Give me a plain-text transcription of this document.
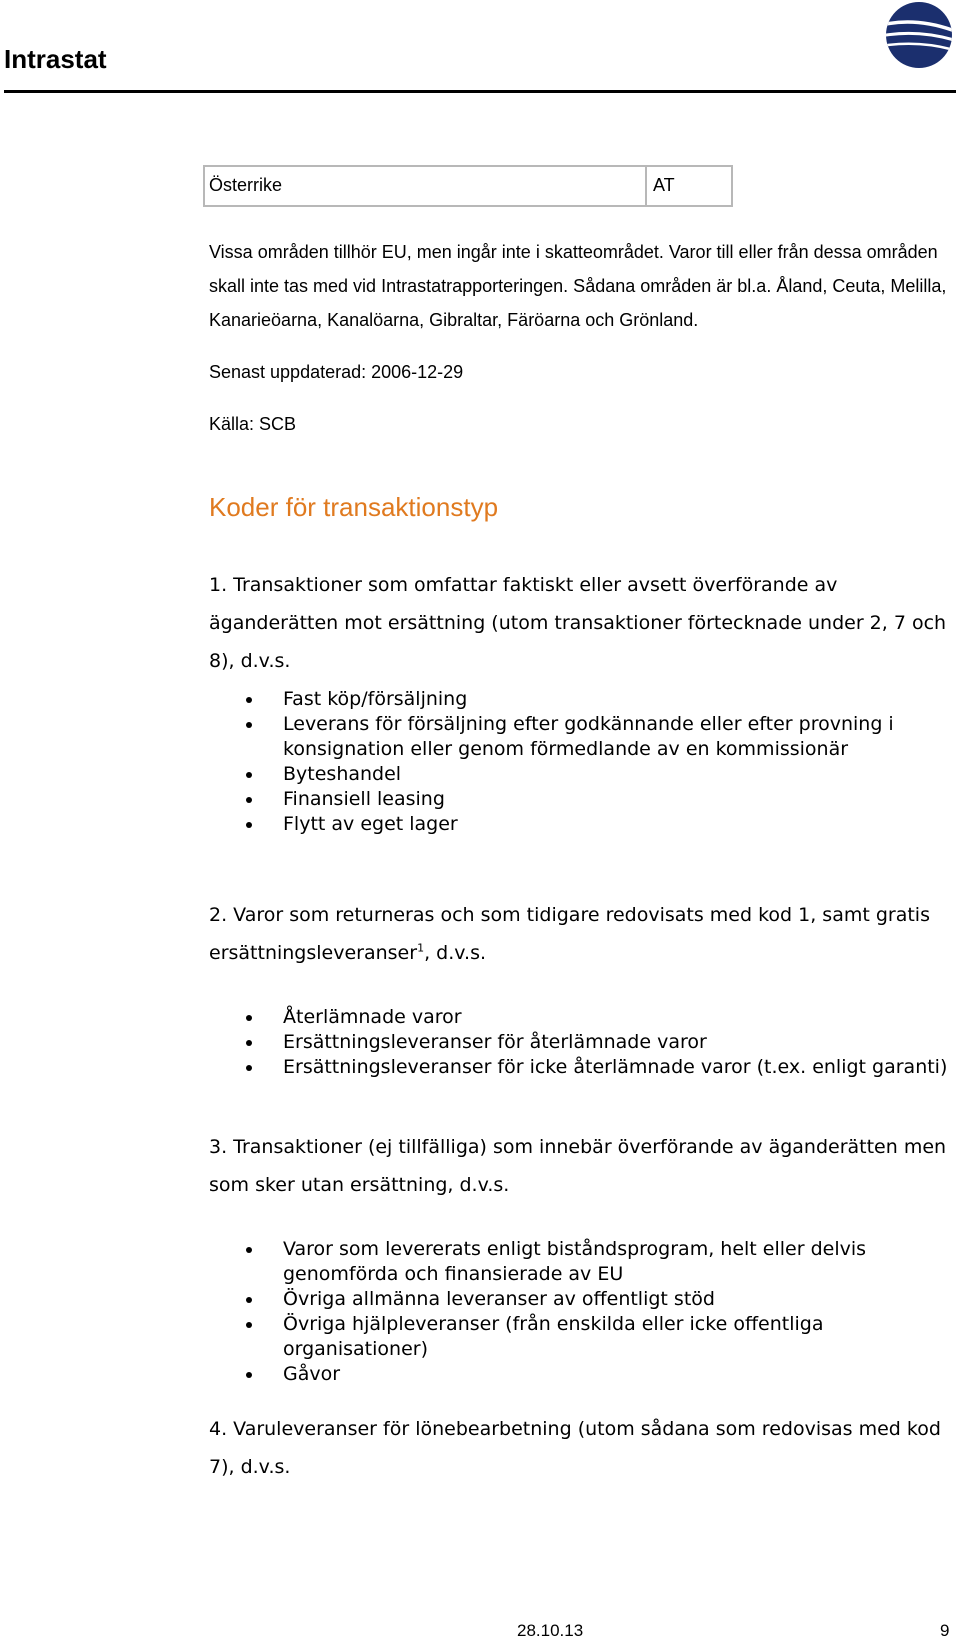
Intrastat
Österrike	AT

Vissa områden tillhör EU, men ingår inte i skatteområdet. Varor till eller från dessa områden skall inte tas med vid Intrastatrapporteringen. Sådana områden är bl.a. Åland, Ceuta, Melilla, Kanarieöarna, Kanalöarna, Gibraltar, Färöarna och Grönland.

Senast uppdaterad: 2006-12-29

Källa: SCB

Koder för transaktionstyp

1. Transaktioner som omfattar faktiskt eller avsett överförande av äganderätten mot ersättning (utom transaktioner förtecknade under 2, 7 och 8), d.v.s.

Fast köp/försäljning
Leverans för försäljning efter godkännande eller efter provning i konsignation eller genom förmedlande av en kommissionär
Byteshandel
Finansiell leasing
Flytt av eget lager

2. Varor som returneras och som tidigare redovisats med kod 1, samt gratis ersättningsleveranser$^1$, d.v.s.

Återlämnade varor
Ersättningsleveranser för återlämnade varor
Ersättningsleveranser för icke återlämnade varor (t.ex. enligt garanti)

3. Transaktioner (ej tillfälliga) som innebär överförande av äganderätten men som sker utan ersättning, d.v.s.

Varor som levererats enligt biståndsprogram, helt eller delvis genomförda och finansierade av EU
Övriga allmänna leveranser av offentligt stöd
Övriga hjälpleveranser (från enskilda eller icke offentliga organisationer)
Gåvor

4. Varuleveranser för lönebearbetning (utom sådana som redovisas med kod 7), d.v.s.

28.10.13	9
